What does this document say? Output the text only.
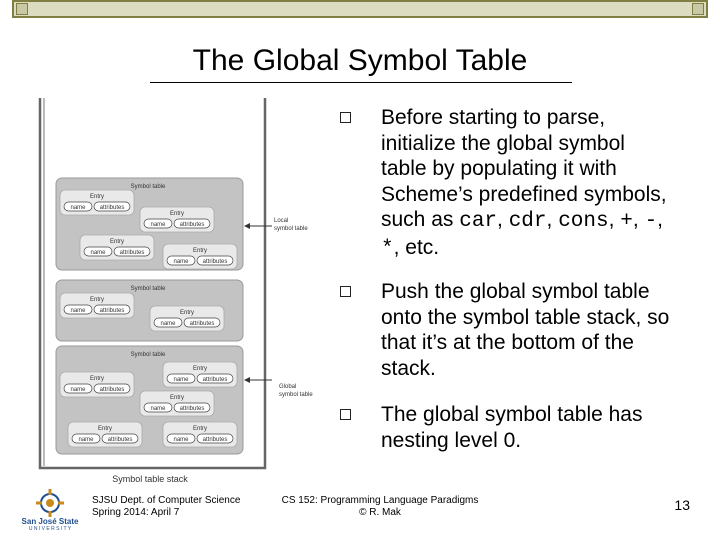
The Global Symbol Table
Symbol table
Entry
name attributes
Entry
name attributes
Entry
name attributes	Entry
name attributes
Symbol table
Entry
name attributes	Entry
name attributes
Symbol table
Entry
name attributes
Entry
name attributes
Entry
name attributes
Entry
name attributes
Entry
name attributes
Local
symbol table
Global
symbol table
Symbol table stack
Before starting to parse, initialize the global symbol table by populating it with Scheme’s predefined symbols, such as car, cdr, cons, +, -, *, etc.
Push the global symbol table onto the symbol table stack, so that it’s at the bottom of the stack.
The global symbol table has nesting level 0.
San José State
U N I V E R S I T Y
SJSU Dept. of Computer Science
Spring 2014: April 7
CS 152: Programming Language Paradigms
© R. Mak	13
